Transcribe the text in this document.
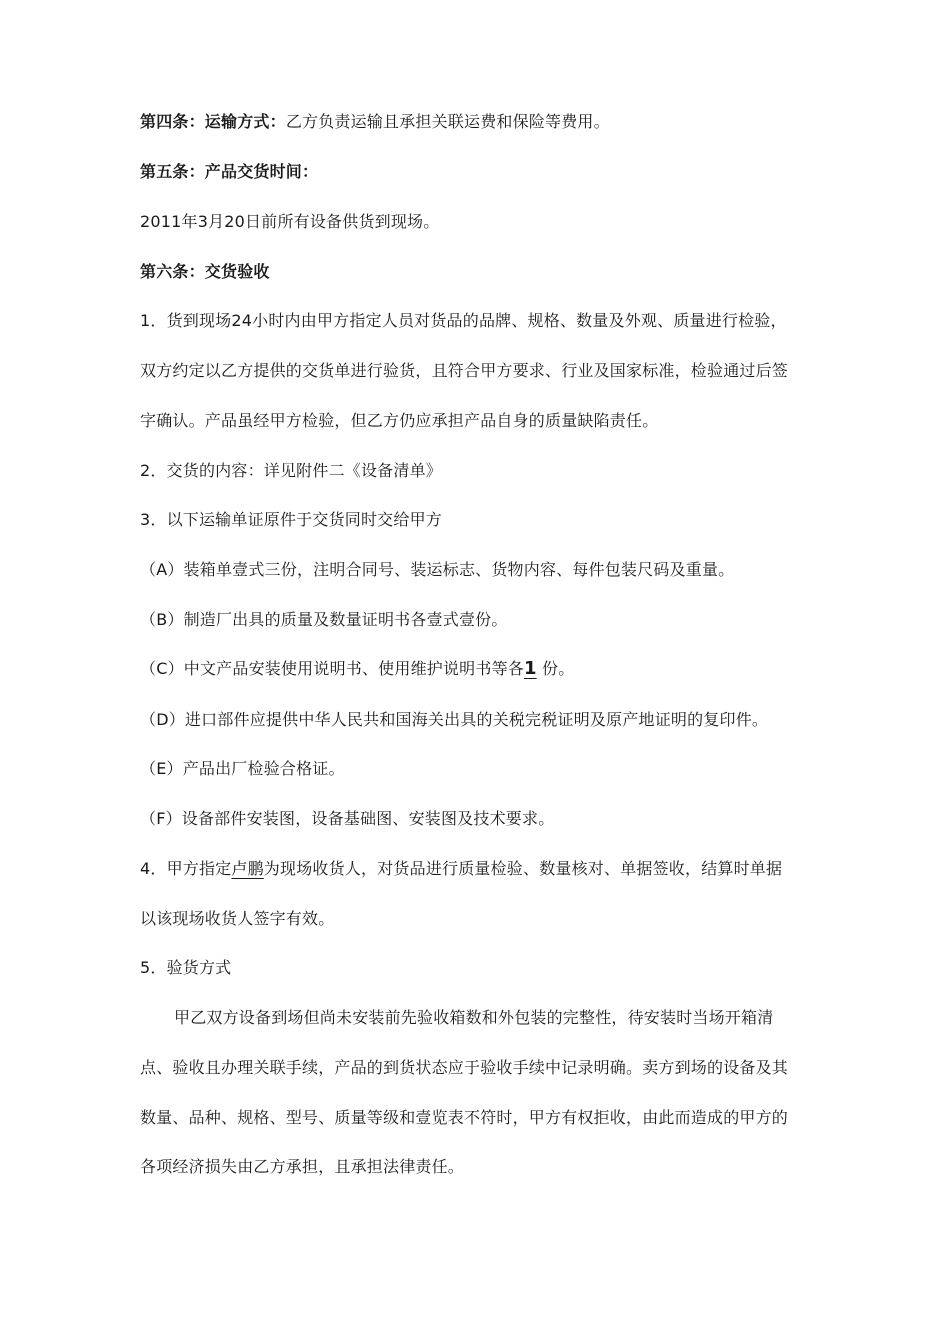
第四条：运输方式：乙方负责运输且承担关联运费和保险等费用。
第五条：产品交货时间：
2011年3月20日前所有设备供货到现场。
第六条：交货验收
1．货到现场24小时内由甲方指定人员对货品的品牌、规格、数量及外观、质量进行检验，
双方约定以乙方提供的交货单进行验货，且符合甲方要求、行业及国家标准，检验通过后签
字确认。产品虽经甲方检验，但乙方仍应承担产品自身的质量缺陷责任。
2．交货的内容：详见附件二《设备清单》
3．以下运输单证原件于交货同时交给甲方
（A）装箱单壹式三份，注明合同号、装运标志、货物内容、每件包装尺码及重量。
（B）制造厂出具的质量及数量证明书各壹式壹份。
（C）中文产品安装使用说明书、使用维护说明书等各1 份。
（D）进口部件应提供中华人民共和国海关出具的关税完税证明及原产地证明的复印件。
（E）产品出厂检验合格证。
（F）设备部件安装图，设备基础图、安装图及技术要求。
4．甲方指定卢鹏为现场收货人，对货品进行质量检验、数量核对、单据签收，结算时单据
以该现场收货人签字有效。
5．验货方式
甲乙双方设备到场但尚未安装前先验收箱数和外包装的完整性，待安装时当场开箱清
点、验收且办理关联手续，产品的到货状态应于验收手续中记录明确。卖方到场的设备及其
数量、品种、规格、型号、质量等级和壹览表不符时，甲方有权拒收，由此而造成的甲方的
各项经济损失由乙方承担，且承担法律责任。
